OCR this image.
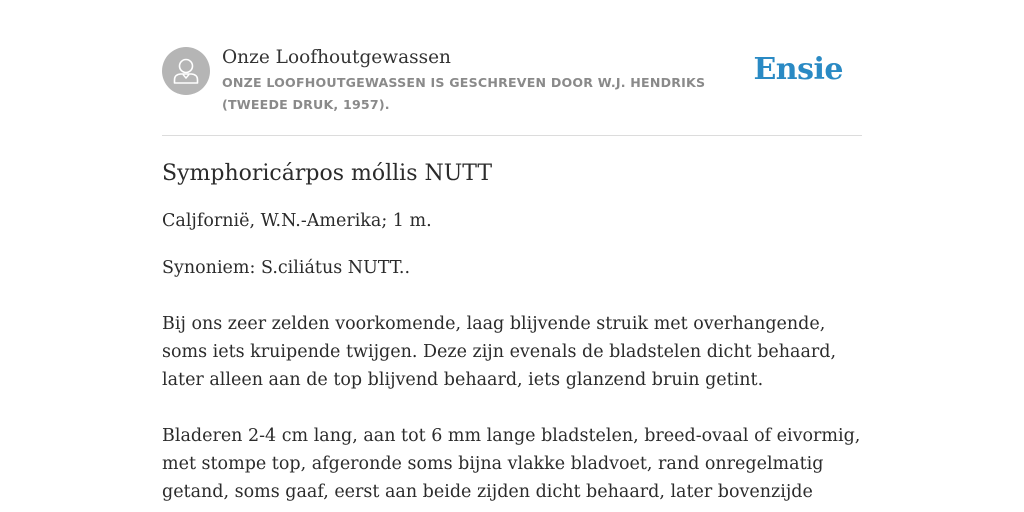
Onze Loofhoutgewassen
ONZE LOOFHOUTGEWASSEN IS GESCHREVEN DOOR W.J. HENDRIKS (TWEEDE DRUK, 1957).
Ensie
Symphoricárpos móllis NUTT

Caljfornië, W.N.-Amerika; 1 m.

Synoniem: S.ciliátus NUTT..

Bij ons zeer zelden voorkomende, laag blijvende struik met overhangende, soms iets kruipende twijgen. Deze zijn evenals de bladstelen dicht behaard, later alleen aan de top blijvend behaard, iets glanzend bruin getint.

Bladeren 2-4 cm lang, aan tot 6 mm lange bladstelen, breed-ovaal of eivormig, met stompe top, afgeronde soms bijna vlakke bladvoet, rand onregelmatig getand, soms gaaf, eerst aan beide zijden dicht behaard, later bovenzijde
